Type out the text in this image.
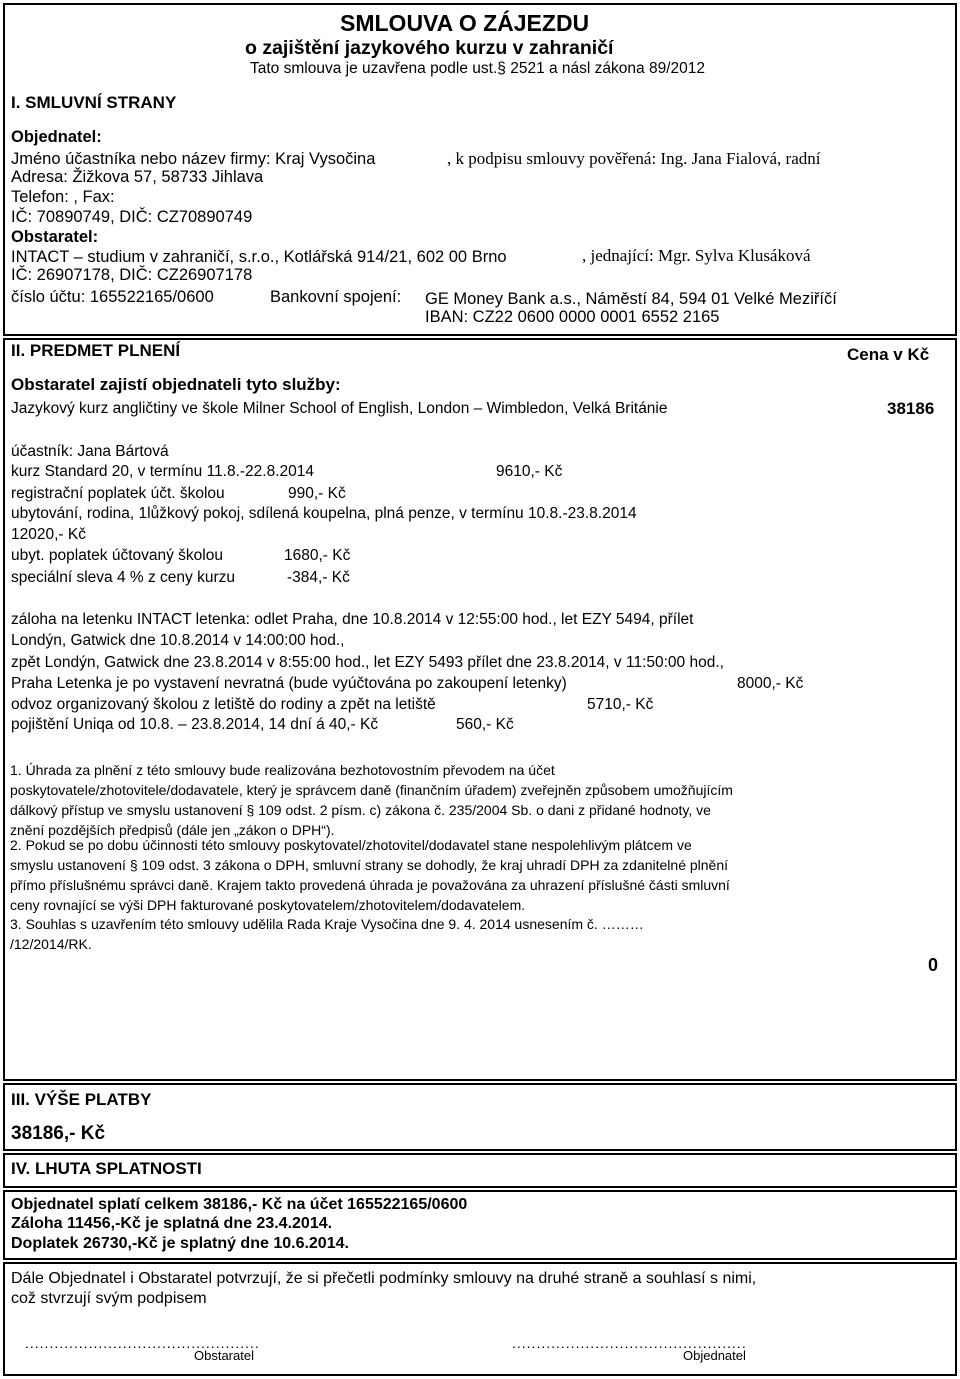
SMLOUVA O ZÁJEZDU
o zajištění jazykového kurzu v zahraničí
Tato smlouva je uzavřena podle ust.§ 2521 a násl zákona 89/2012
I. SMLUVNÍ STRANY
Objednatel:
Jméno účastníka nebo název firmy: Kraj Vysočina	, k podpisu smlouvy pověřená: Ing. Jana Fialová, radní
Adresa: Žižkova 57, 58733 Jihlava
Telefon: , Fax:
IČ: 70890749, DIČ: CZ70890749
Obstaratel:
INTACT – studium v zahraničí, s.r.o., Kotlářská 914/21, 602 00 Brno	, jednající: Mgr. Sylva Klusáková
IČ: 26907178, DIČ: CZ26907178
číslo účtu: 165522165/0600	Bankovní spojení: GE Money Bank a.s., Náměstí 84, 594 01 Velké Meziříčí
IBAN: CZ22 0600 0000 0001 6552 2165
II. PREDMET PLNENÍ	Cena v Kč
Obstaratel zajistí objednateli tyto služby:
Jazykový kurz angličtiny ve škole Milner School of English, London – Wimbledon, Velká Británie	38186
účastník: Jana Bártová
kurz Standard 20, v termínu 11.8.-22.8.2014	9610,- Kč
registrační poplatek účt. školou	990,- Kč
ubytování, rodina, 1lůžkový pokoj, sdílená koupelna, plná penze, v termínu 10.8.-23.8.2014
12020,- Kč
ubyt. poplatek účtovaný školou	1680,- Kč
speciální sleva 4 % z ceny kurzu	-384,- Kč
záloha na letenku INTACT letenka: odlet Praha, dne 10.8.2014 v 12:55:00 hod., let EZY 5494, přílet
Londýn, Gatwick dne 10.8.2014 v 14:00:00 hod.,
zpět Londýn, Gatwick dne 23.8.2014 v 8:55:00 hod., let EZY 5493 přílet dne 23.8.2014, v 11:50:00 hod.,
Praha Letenka je po vystavení nevratná (bude vyúčtována po zakoupení letenky)	8000,- Kč
odvoz organizovaný školou z letiště do rodiny a zpět na letiště	5710,- Kč
pojištění Uniqa od 10.8. – 23.8.2014, 14 dní á 40,- Kč	560,- Kč
1. Úhrada za plnění z této smlouvy bude realizována bezhotovostním převodem na účet
poskytovatele/zhotovitele/dodavatele, který je správcem daně (finančním úřadem) zveřejněn způsobem umožňujícím
dálkový přístup ve smyslu ustanovení § 109 odst. 2 písm. c) zákona č. 235/2004 Sb. o dani z přidané hodnoty, ve
znění pozdějších předpisů (dále jen „zákon o DPH“).
2. Pokud se po dobu účinnosti této smlouvy poskytovatel/zhotovitel/dodavatel stane nespolehlivým plátcem ve
smyslu ustanovení § 109 odst. 3 zákona o DPH, smluvní strany se dohodly, že kraj uhradí DPH za zdanitelné plnění
přímo příslušnému správci daně. Krajem takto provedená úhrada je považována za uhrazení příslušné části smluvní
ceny rovnající se výši DPH fakturované poskytovatelem/zhotovitelem/dodavatelem.
3. Souhlas s uzavřením této smlouvy udělila Rada Kraje Vysočina dne 9. 4. 2014 usnesením č. ………
/12/2014/RK.
0
III. VÝŠE PLATBY
38186,- Kč
IV. LHUTA SPLATNOSTI
Objednatel splatí celkem 38186,- Kč na účet 165522165/0600
Záloha 11456,-Kč je splatná dne 23.4.2014.
Doplatek 26730,-Kč je splatný dne 10.6.2014.
Dále Objednatel i Obstaratel potvrzují, že si přečetli podmínky smlouvy na druhé straně a souhlasí s nimi,
což stvrzují svým podpisem
................................................
Obstaratel
................................................
Objednatel
